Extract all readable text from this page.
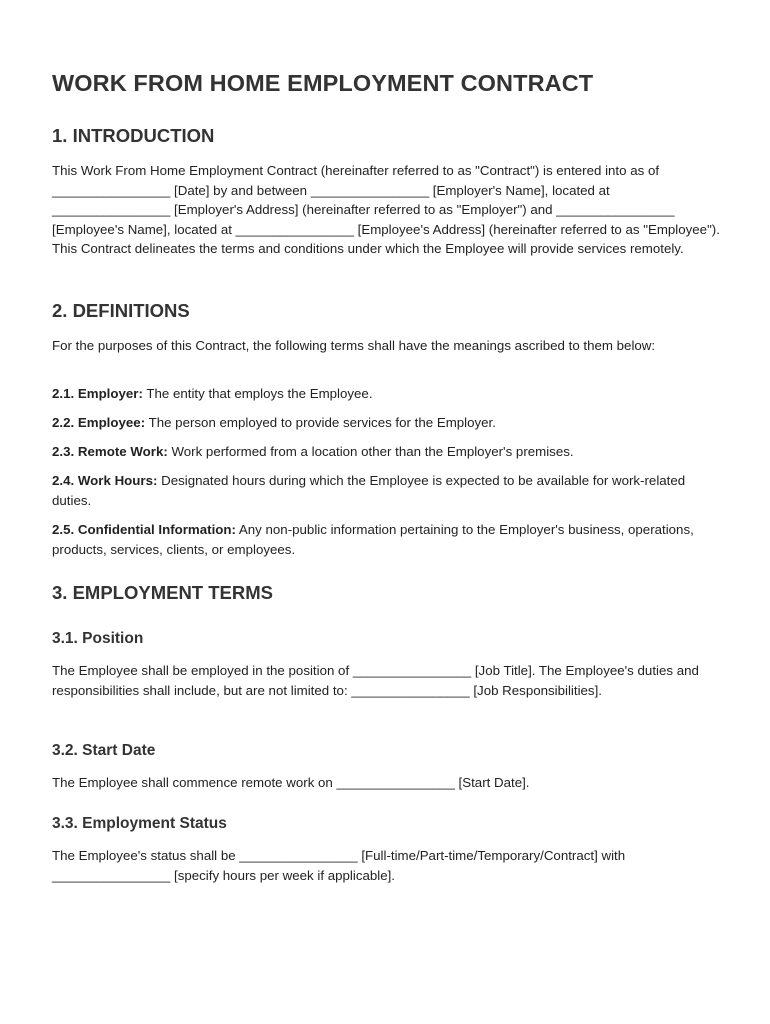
WORK FROM HOME EMPLOYMENT CONTRACT
1. INTRODUCTION

This Work From Home Employment Contract (hereinafter referred to as "Contract") is entered into as of ________________ [Date] by and between ________________ [Employer's Name], located at ________________ [Employer's Address] (hereinafter referred to as "Employer") and ________________ [Employee's Name], located at ________________ [Employee's Address] (hereinafter referred to as "Employee"). This Contract delineates the terms and conditions under which the Employee will provide services remotely.

2. DEFINITIONS

For the purposes of this Contract, the following terms shall have the meanings ascribed to them below:

2.1. Employer: The entity that employs the Employee.

2.2. Employee: The person employed to provide services for the Employer.

2.3. Remote Work: Work performed from a location other than the Employer's premises.

2.4. Work Hours: Designated hours during which the Employee is expected to be available for work-related duties.

2.5. Confidential Information: Any non-public information pertaining to the Employer's business, operations, products, services, clients, or employees.

3. EMPLOYMENT TERMS
3.1. Position

The Employee shall be employed in the position of ________________ [Job Title]. The Employee's duties and responsibilities shall include, but are not limited to: ________________ [Job Responsibilities].

3.2. Start Date

The Employee shall commence remote work on ________________ [Start Date].

3.3. Employment Status

The Employee's status shall be ________________ [Full-time/Part-time/Temporary/Contract] with ________________ [specify hours per week if applicable].
